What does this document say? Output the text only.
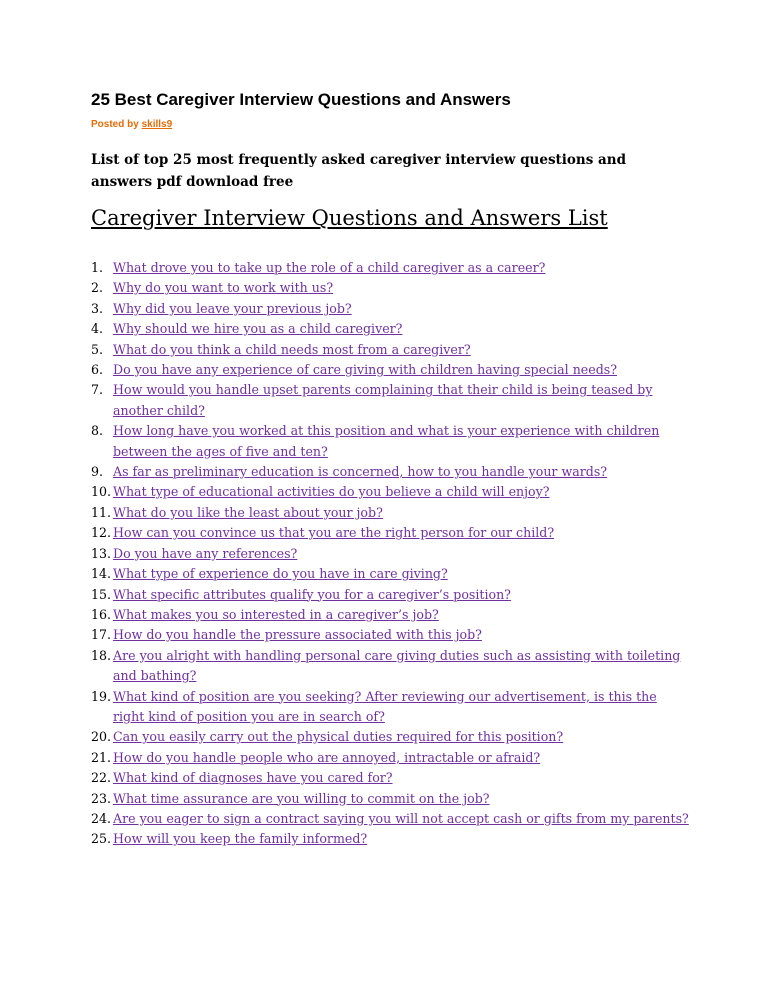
25 Best Caregiver Interview Questions and Answers
Posted by skills9

List of top 25 most frequently asked caregiver interview questions and answers pdf download free

Caregiver Interview Questions and Answers List
1. What drove you to take up the role of a child caregiver as a career?
2. Why do you want to work with us?
3. Why did you leave your previous job?
4. Why should we hire you as a child caregiver?
5. What do you think a child needs most from a caregiver?
6. Do you have any experience of care giving with children having special needs?
7. How would you handle upset parents complaining that their child is being teased by another child?
8. How long have you worked at this position and what is your experience with children between the ages of five and ten?
9. As far as preliminary education is concerned, how to you handle your wards?
10. What type of educational activities do you believe a child will enjoy?
11. What do you like the least about your job?
12. How can you convince us that you are the right person for our child?
13. Do you have any references?
14. What type of experience do you have in care giving?
15. What specific attributes qualify you for a caregiver’s position?
16. What makes you so interested in a caregiver’s job?
17. How do you handle the pressure associated with this job?
18. Are you alright with handling personal care giving duties such as assisting with toileting and bathing?
19. What kind of position are you seeking? After reviewing our advertisement, is this the right kind of position you are in search of?
20. Can you easily carry out the physical duties required for this position?
21. How do you handle people who are annoyed, intractable or afraid?
22. What kind of diagnoses have you cared for?
23. What time assurance are you willing to commit on the job?
24. Are you eager to sign a contract saying you will not accept cash or gifts from my parents?
25. How will you keep the family informed?
